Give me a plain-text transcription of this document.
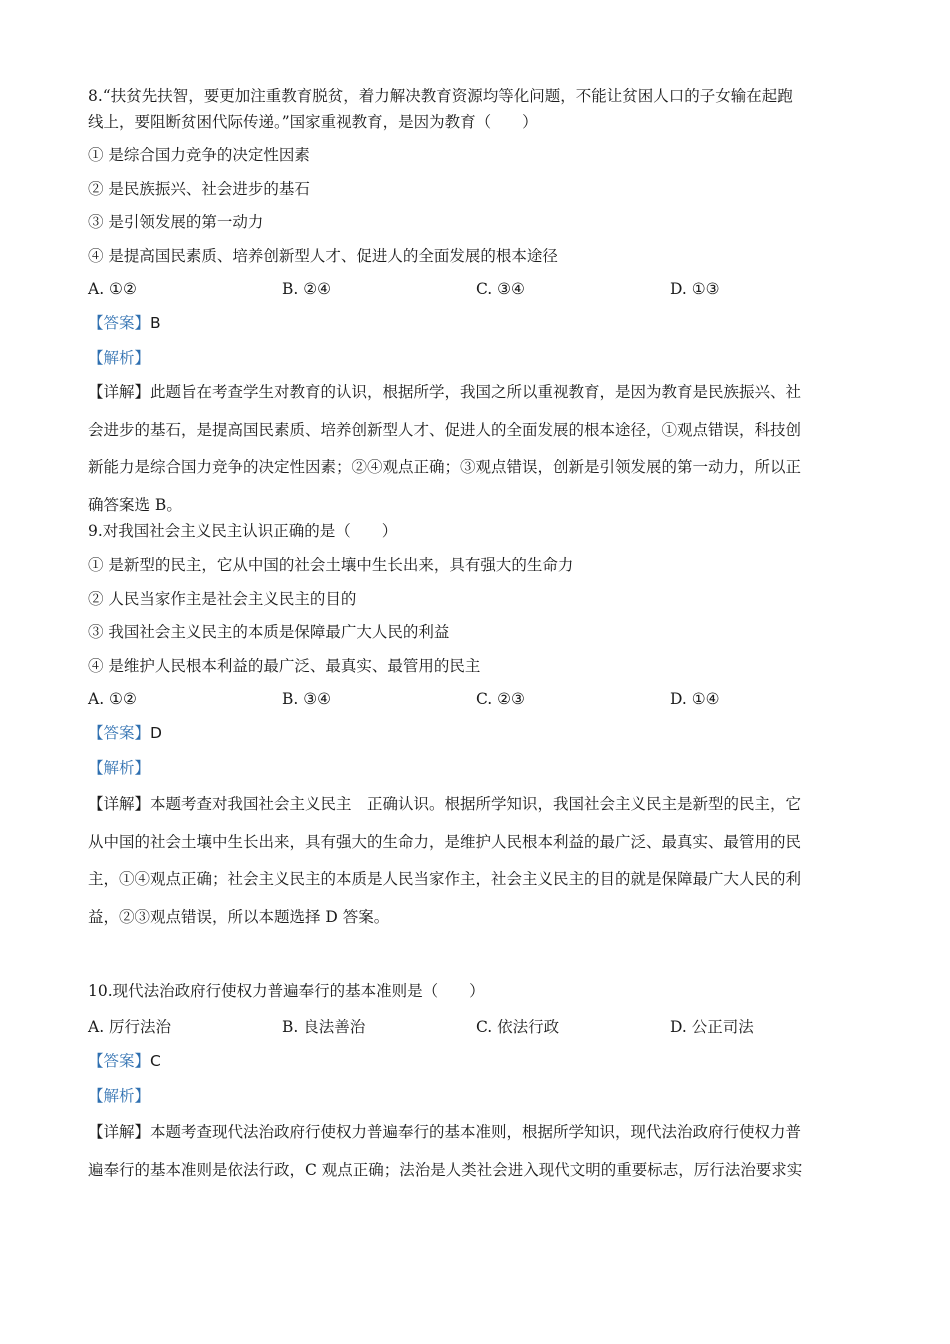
8.“扶贫先扶智，要更加注重教育脱贫，着力解决教育资源均等化问题，不能让贫困人口的子女输在起跑

线上，要阻断贫困代际传递。”国家重视教育，是因为教育（　　）

① 是综合国力竞争的决定性因素
② 是民族振兴、社会进步的基石
③ 是引领发展的第一动力
④ 是提高国民素质、培养创新型人才、促进人的全面发展的根本途径
A. ①②	B. ②④	C. ③④	D. ①③
【答案】B
【解析】

【详解】此题旨在考查学生对教育的认识，根据所学，我国之所以重视教育，是因为教育是民族振兴、社

会进步的基石，是提高国民素质、培养创新型人才、促进人的全面发展的根本途径，①观点错误，科技创

新能力是综合国力竞争的决定性因素；②④观点正确；③观点错误，创新是引领发展的第一动力，所以正

确答案选 B。

9.对我国社会主义民主认识正确的是（　　）

① 是新型的民主，它从中国的社会土壤中生长出来，具有强大的生命力
② 人民当家作主是社会主义民主的目的
③ 我国社会主义民主的本质是保障最广大人民的利益
④ 是维护人民根本利益的最广泛、最真实、最管用的民主
A. ①②	B. ③④	C. ②③	D. ①④
【答案】D
【解析】

【详解】本题考查对我国社会主义民主　正确认识。根据所学知识，我国社会主义民主是新型的民主，它

从中国的社会土壤中生长出来，具有强大的生命力，是维护人民根本利益的最广泛、最真实、最管用的民

主，①④观点正确；社会主义民主的本质是人民当家作主，社会主义民主的目的就是保障最广大人民的利

益，②③观点错误，所以本题选择 D 答案。

10.现代法治政府行使权力普遍奉行的基本准则是（　　）

A. 厉行法治	B. 良法善治	C. 依法行政	D. 公正司法
【答案】C
【解析】

【详解】本题考查现代法治政府行使权力普遍奉行的基本准则，根据所学知识，现代法治政府行使权力普

遍奉行的基本准则是依法行政，C 观点正确；法治是人类社会进入现代文明的重要标志，厉行法治要求实
